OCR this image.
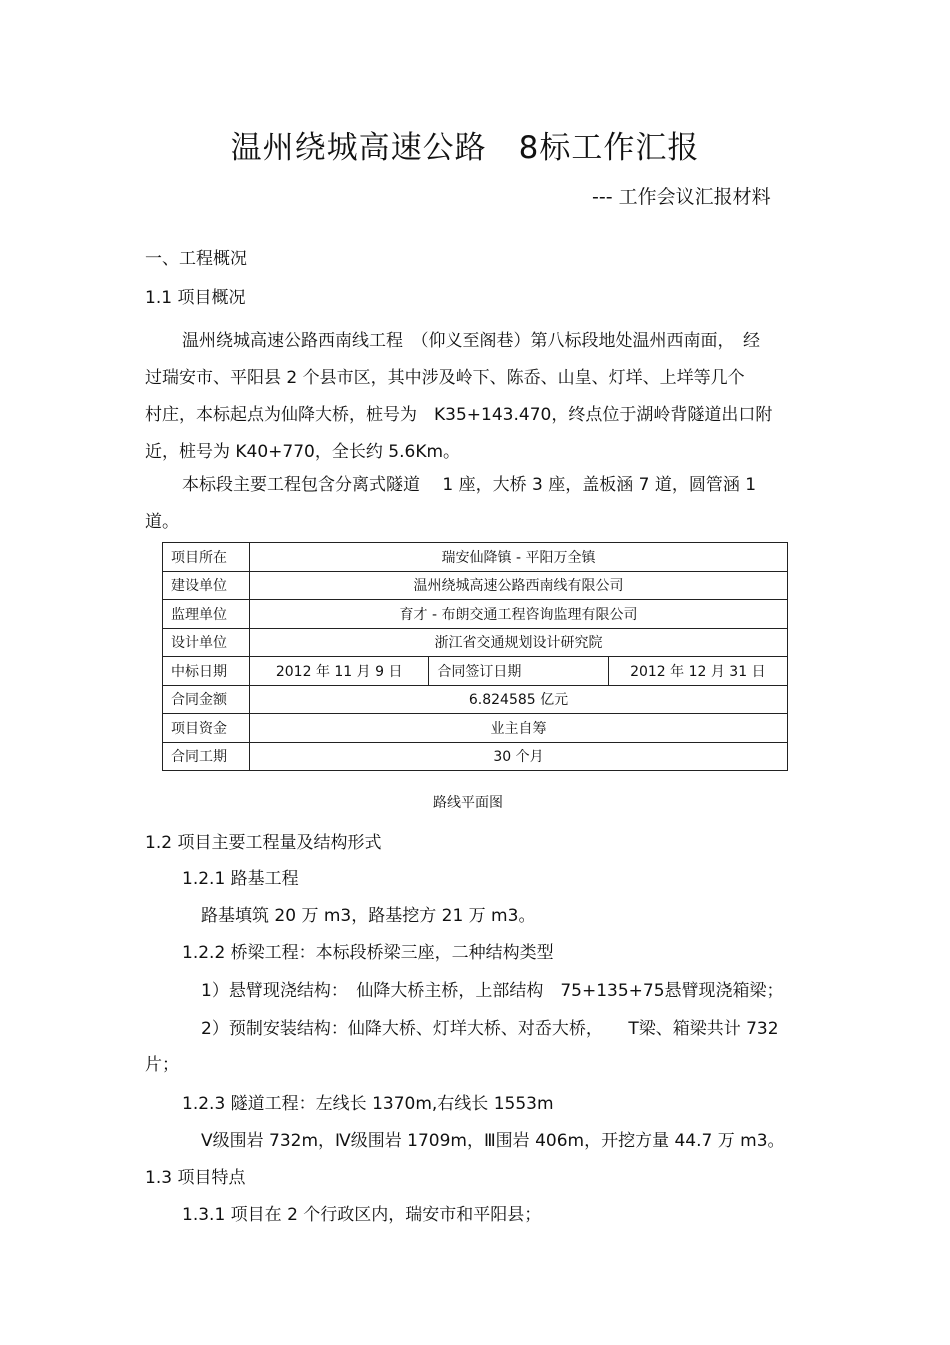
温州绕城高速公路　8标工作汇报
--- 工作会议汇报材料
一、工程概况
1.1 项目概况
温州绕城高速公路西南线工程　（仰义至阁巷）第八标段地处温州西南面，　经
过瑞安市、平阳县 2 个县市区，其中涉及岭下、陈岙、山皇、灯垟、上垟等几个
村庄，本标起点为仙降大桥，桩号为　K35+143.470，终点位于湖岭背隧道出口附
近，桩号为 K40+770，全长约 5.6Km。
本标段主要工程包含分离式隧道　 1 座，大桥 3 座，盖板涵 7 道，圆管涵 1
道。
项目所在	瑞安仙降镇 - 平阳万全镇		
建设单位	温州绕城高速公路西南线有限公司		
监理单位	育才 - 布朗交通工程咨询监理有限公司		
设计单位	浙江省交通规划设计研究院		
中标日期	2012 年 11 月 9 日	合同签订日期	2012 年 12 月 31 日
合同金额	6.824585 亿元		
项目资金	业主自筹		
合同工期	30 个月		
路线平面图
1.2 项目主要工程量及结构形式
1.2.1 路基工程
路基填筑 20 万 m3，路基挖方 21 万 m3。
1.2.2 桥梁工程：本标段桥梁三座，二种结构类型
1）悬臂现浇结构：　仙降大桥主桥，上部结构　75+135+75悬臂现浇箱梁；
2）预制安装结构：仙降大桥、灯垟大桥、对岙大桥，　　T梁、箱梁共计 732
片；
1.2.3 隧道工程：左线长 1370m,右线长 1553m
Ⅴ级围岩 732m，Ⅳ级围岩 1709m，Ⅲ围岩 406m，开挖方量 44.7 万 m3。
1.3 项目特点
1.3.1 项目在 2 个行政区内，瑞安市和平阳县；
